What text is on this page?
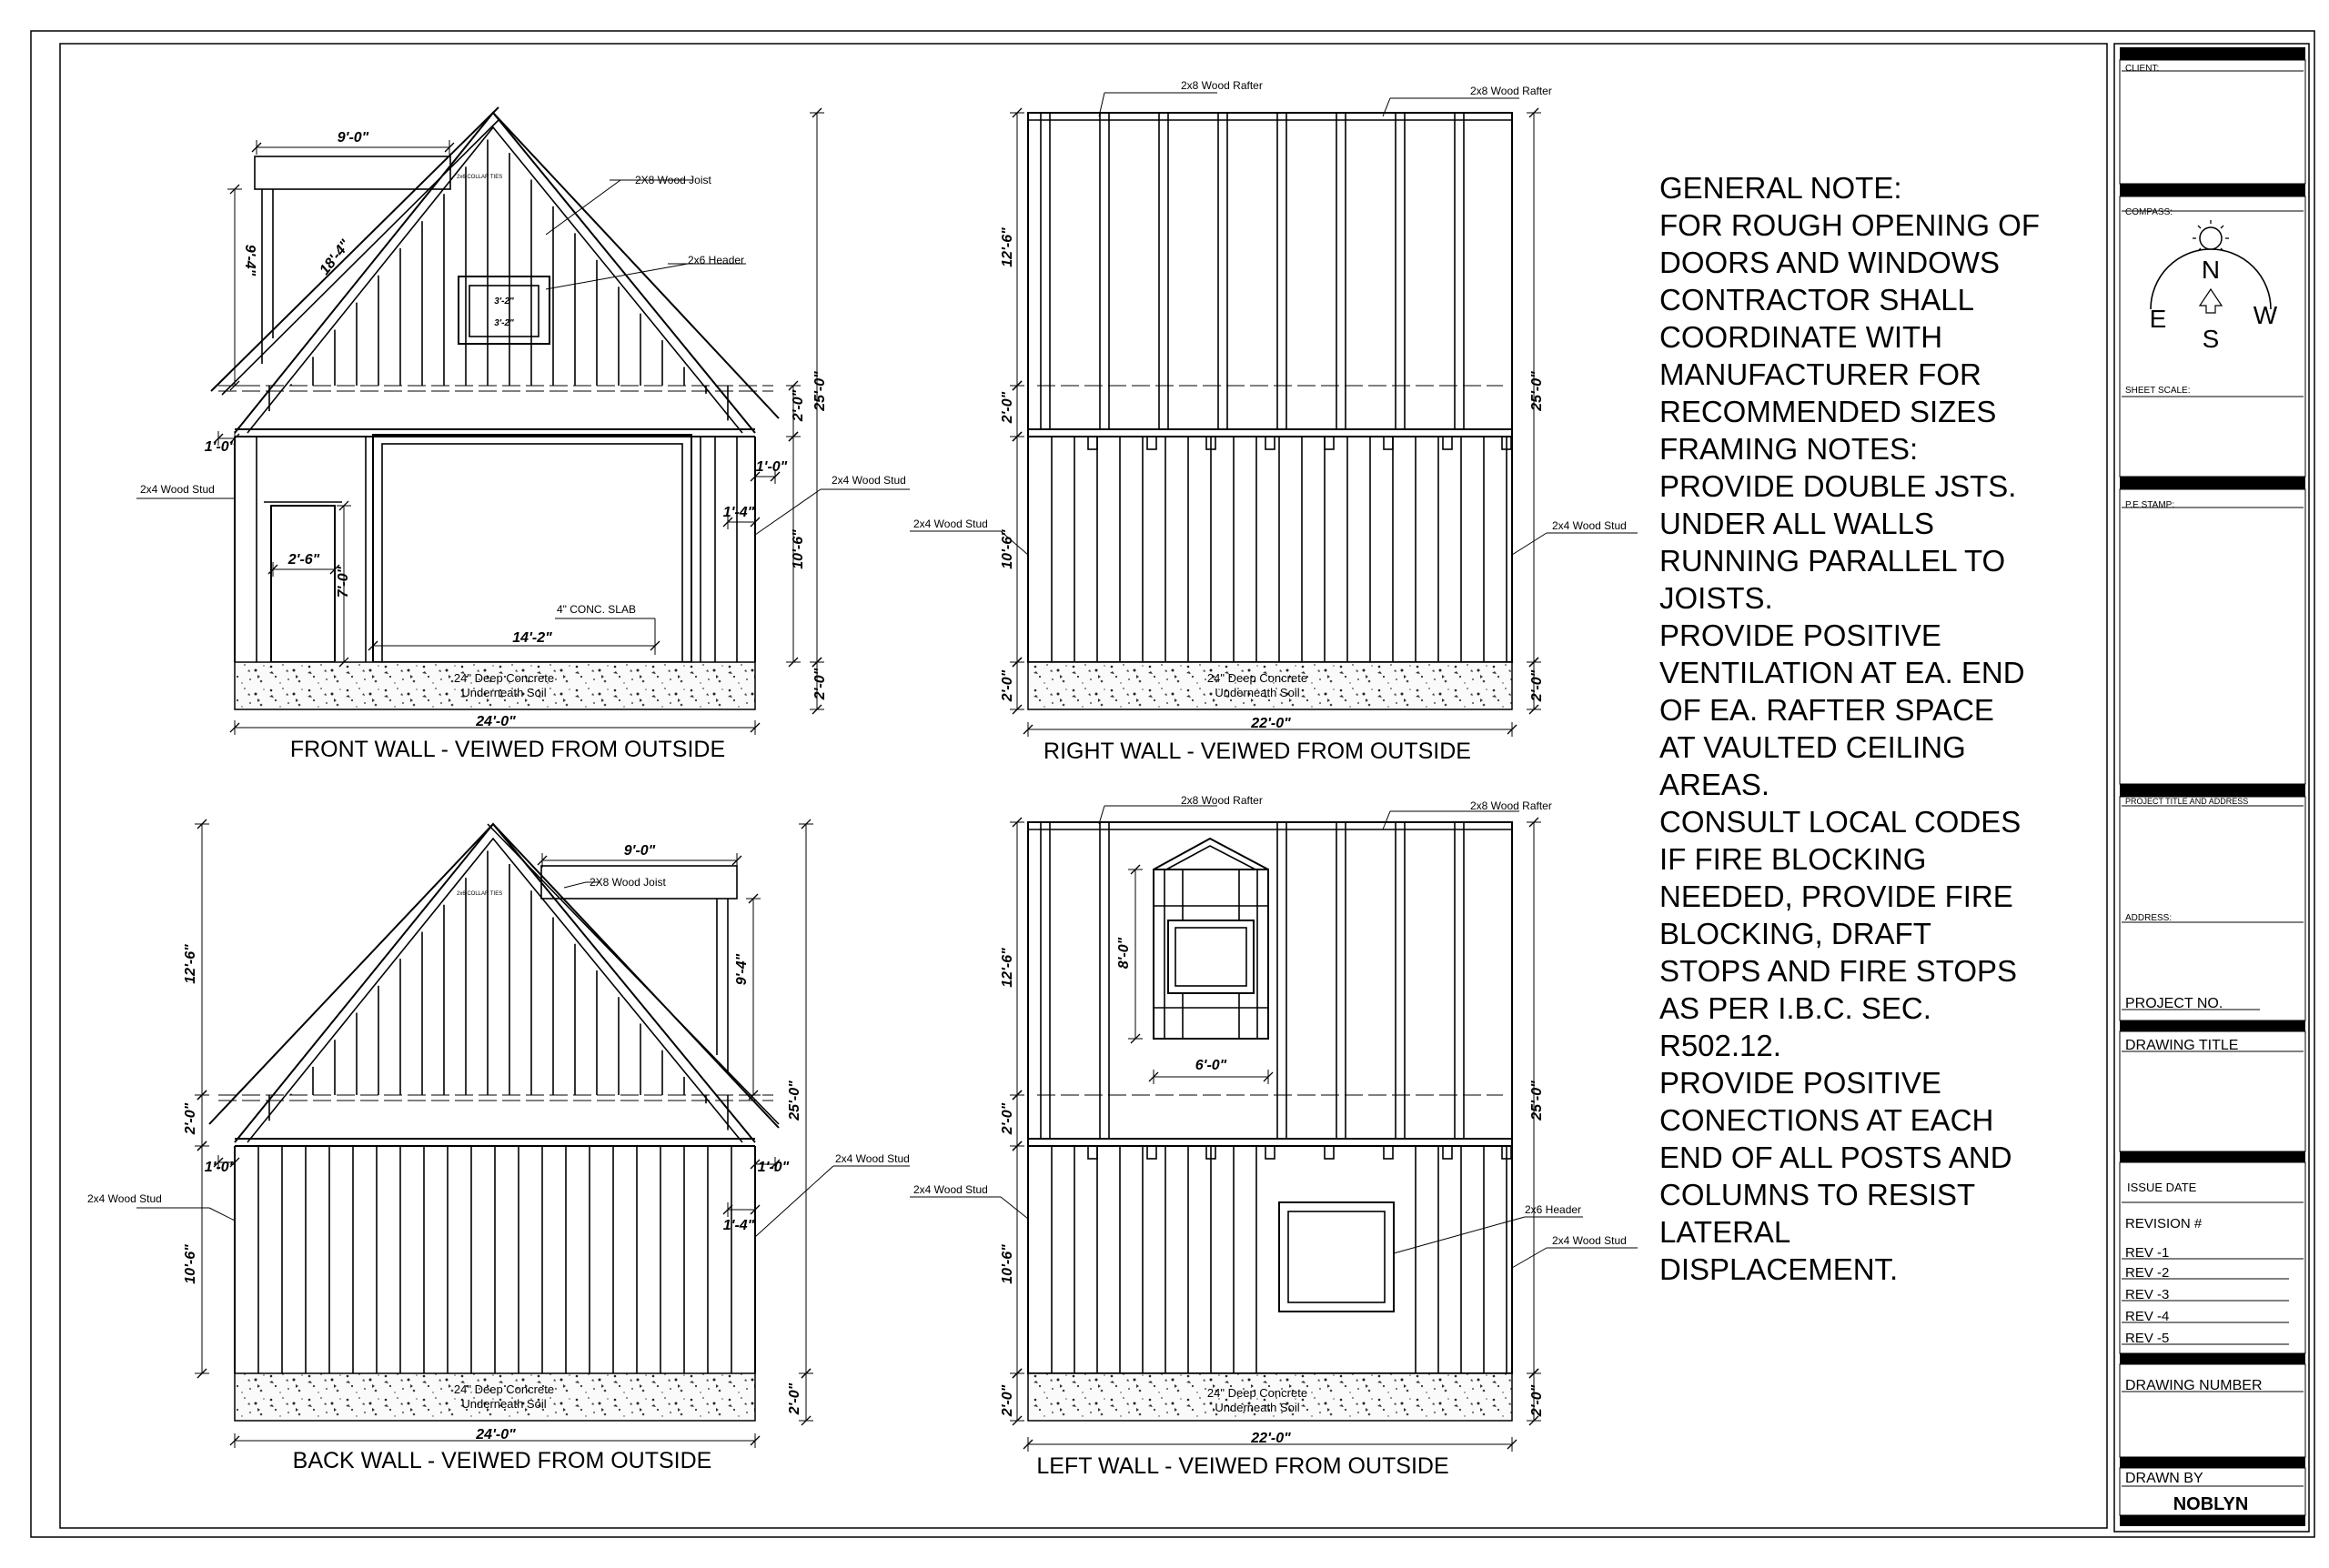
9'-0"
18'-4"
9'-4"
1'-0"
2'-6"
7'-0"
14'-2"
24'-0"
25'-0"
2'-0"
1'-0"
1'-4"
10'-6"
2'-0"
3'-2"
3'-2"
2X8 Wood Joist
2x6 Header
2x4 Wood Stud
2x4 Wood Stud
4" CONC. SLAB
2x6 COLLAR TIES
24" Deep Concrete
Underneath Soil
FRONT WALL - VEIWED FROM OUTSIDE
12'-6"
2'-0"
10'-6"
2'-0"
25'-0"
2'-0"
22'-0"
2x8 Wood Rafter	2x8 Wood Rafter
2x4 Wood Stud	2x4 Wood Stud
24" Deep Concrete
Underneath Soil
RIGHT WALL - VEIWED FROM OUTSIDE
9'-0"
12'-6"
2'-0"
1'-0"
10'-6"
9'-4"
25'-0"
1'-0"
1'-4"
2'-0"
24'-0"
2X8 Wood Joist
2x4 Wood Stud
2x4 Wood Stud
2x6 COLLAR TIES
24" Deep Concrete
Underneath Soil
BACK WALL - VEIWED FROM OUTSIDE
12'-6"	8'-0"
6'-0"
2'-0"
10'-6"
2'-0"
25'-0"
2'-0"
22'-0"
2x8 Wood Rafter	2x8 Wood Rafter
2x4 Wood Stud
2x6 Header
2x4 Wood Stud
24" Deep Concrete
Underneath Soil
LEFT WALL - VEIWED FROM OUTSIDE
CLIENT:
COMPASS:
N
S
E	W
SHEET SCALE:
P.E STAMP:
PROJECT TITLE AND ADDRESS
ADDRESS:
PROJECT NO.
DRAWING TITLE
ISSUE DATE
REVISION #
REV -1
REV -2
REV -3
REV -4
REV -5
DRAWING NUMBER
DRAWN BY
NOBLYN
GENERAL NOTE:
FOR ROUGH OPENING OF
DOORS AND WINDOWS
CONTRACTOR SHALL
COORDINATE WITH
MANUFACTURER FOR
RECOMMENDED SIZES
FRAMING NOTES:
PROVIDE DOUBLE JSTS.
UNDER ALL WALLS
RUNNING PARALLEL TO
JOISTS.
PROVIDE POSITIVE
VENTILATION AT EA. END
OF EA. RAFTER SPACE
AT VAULTED CEILING
AREAS.
CONSULT LOCAL CODES
IF FIRE BLOCKING
NEEDED, PROVIDE FIRE
BLOCKING, DRAFT
STOPS AND FIRE STOPS
AS PER I.B.C. SEC.
R502.12.
PROVIDE POSITIVE
CONECTIONS AT EACH
END OF ALL POSTS AND
COLUMNS TO RESIST
LATERAL
DISPLACEMENT.
